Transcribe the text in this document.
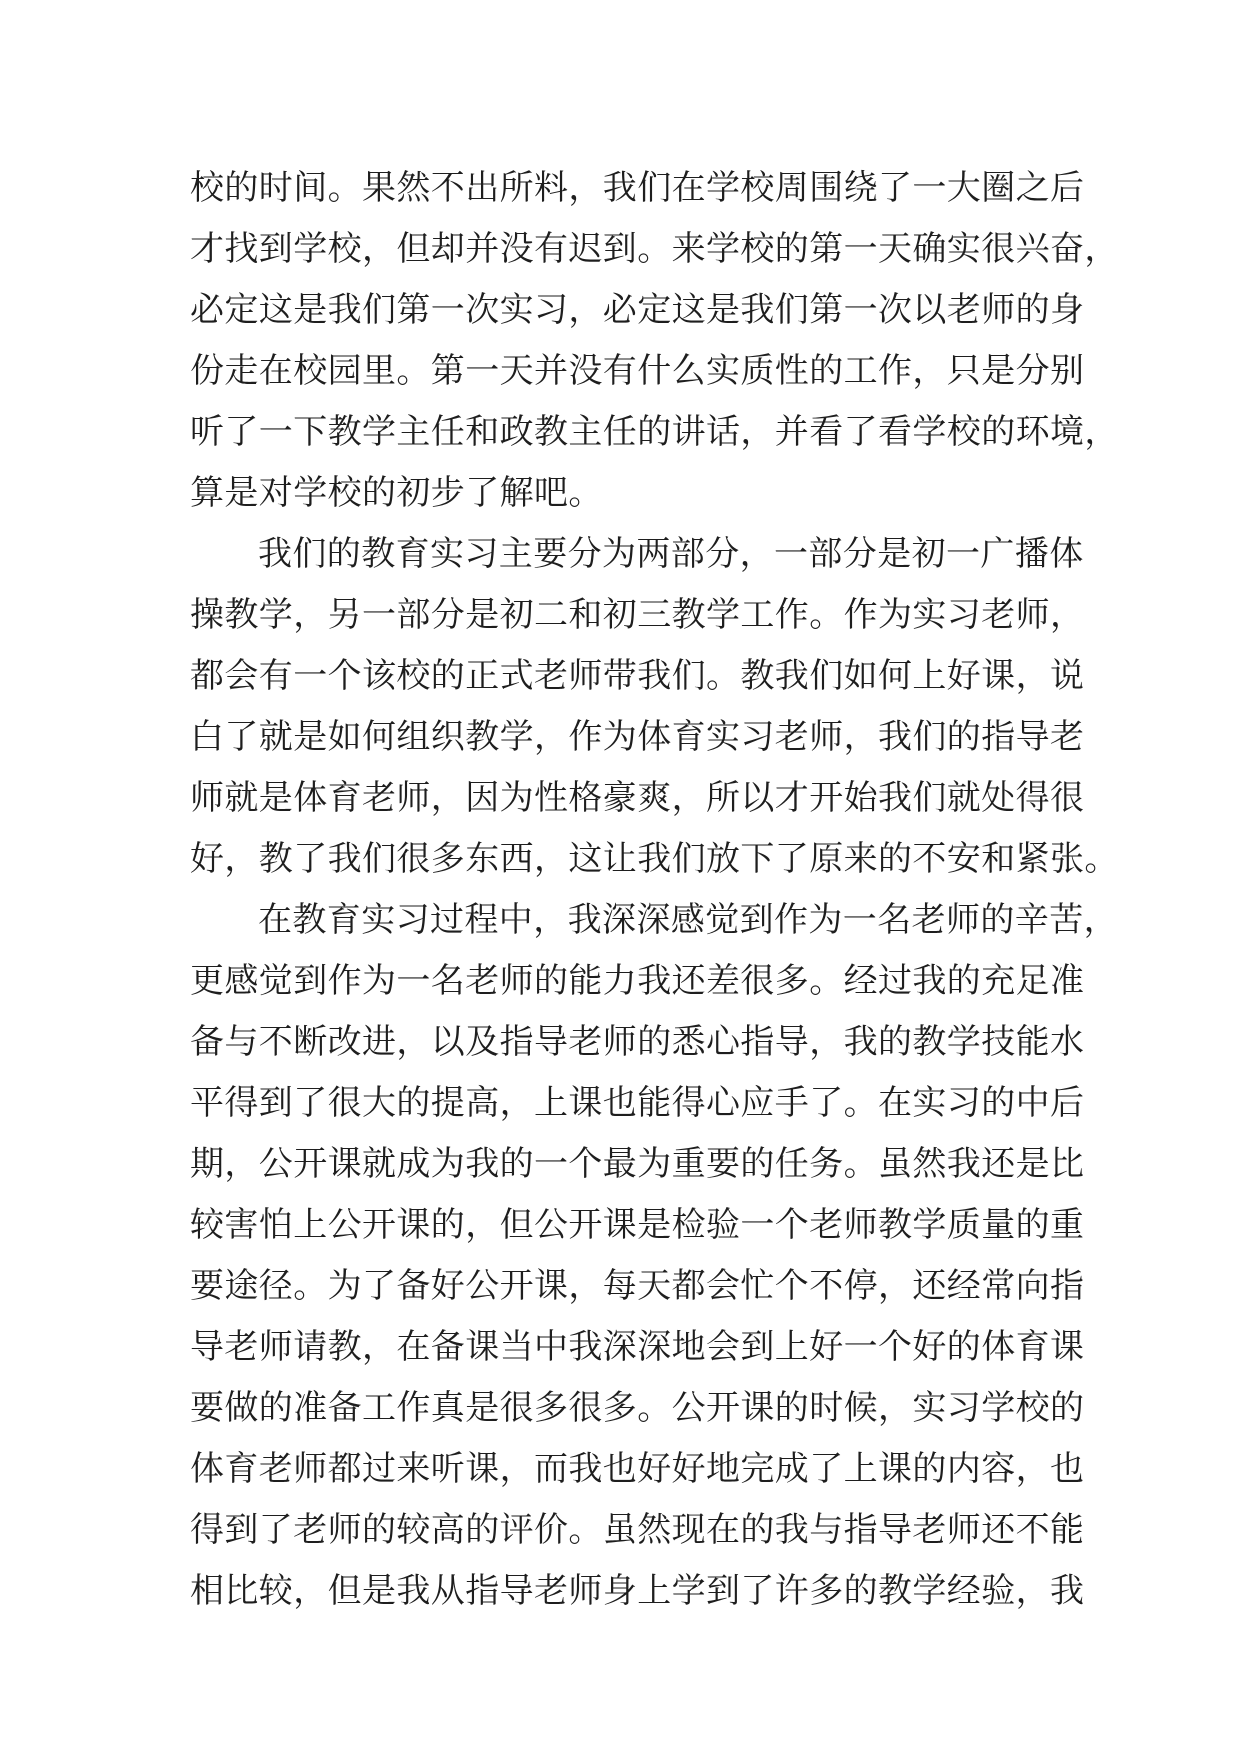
校的时间。果然不出所料，我们在学校周围绕了一大圈之后
才找到学校，但却并没有迟到。来学校的第一天确实很兴奋，
必定这是我们第一次实习，必定这是我们第一次以老师的身
份走在校园里。第一天并没有什么实质性的工作，只是分别
听了一下教学主任和政教主任的讲话，并看了看学校的环境，
算是对学校的初步了解吧。
我们的教育实习主要分为两部分，一部分是初一广播体
操教学，另一部分是初二和初三教学工作。作为实习老师，
都会有一个该校的正式老师带我们。教我们如何上好课，说
白了就是如何组织教学，作为体育实习老师，我们的指导老
师就是体育老师，因为性格豪爽，所以才开始我们就处得很
好，教了我们很多东西，这让我们放下了原来的不安和紧张。
在教育实习过程中，我深深感觉到作为一名老师的辛苦，
更感觉到作为一名老师的能力我还差很多。经过我的充足准
备与不断改进，以及指导老师的悉心指导，我的教学技能水
平得到了很大的提高，上课也能得心应手了。在实习的中后
期，公开课就成为我的一个最为重要的任务。虽然我还是比
较害怕上公开课的，但公开课是检验一个老师教学质量的重
要途径。为了备好公开课，每天都会忙个不停，还经常向指
导老师请教，在备课当中我深深地会到上好一个好的体育课
要做的准备工作真是很多很多。公开课的时候，实习学校的
体育老师都过来听课，而我也好好地完成了上课的内容，也
得到了老师的较高的评价。虽然现在的我与指导老师还不能
相比较，但是我从指导老师身上学到了许多的教学经验，我
